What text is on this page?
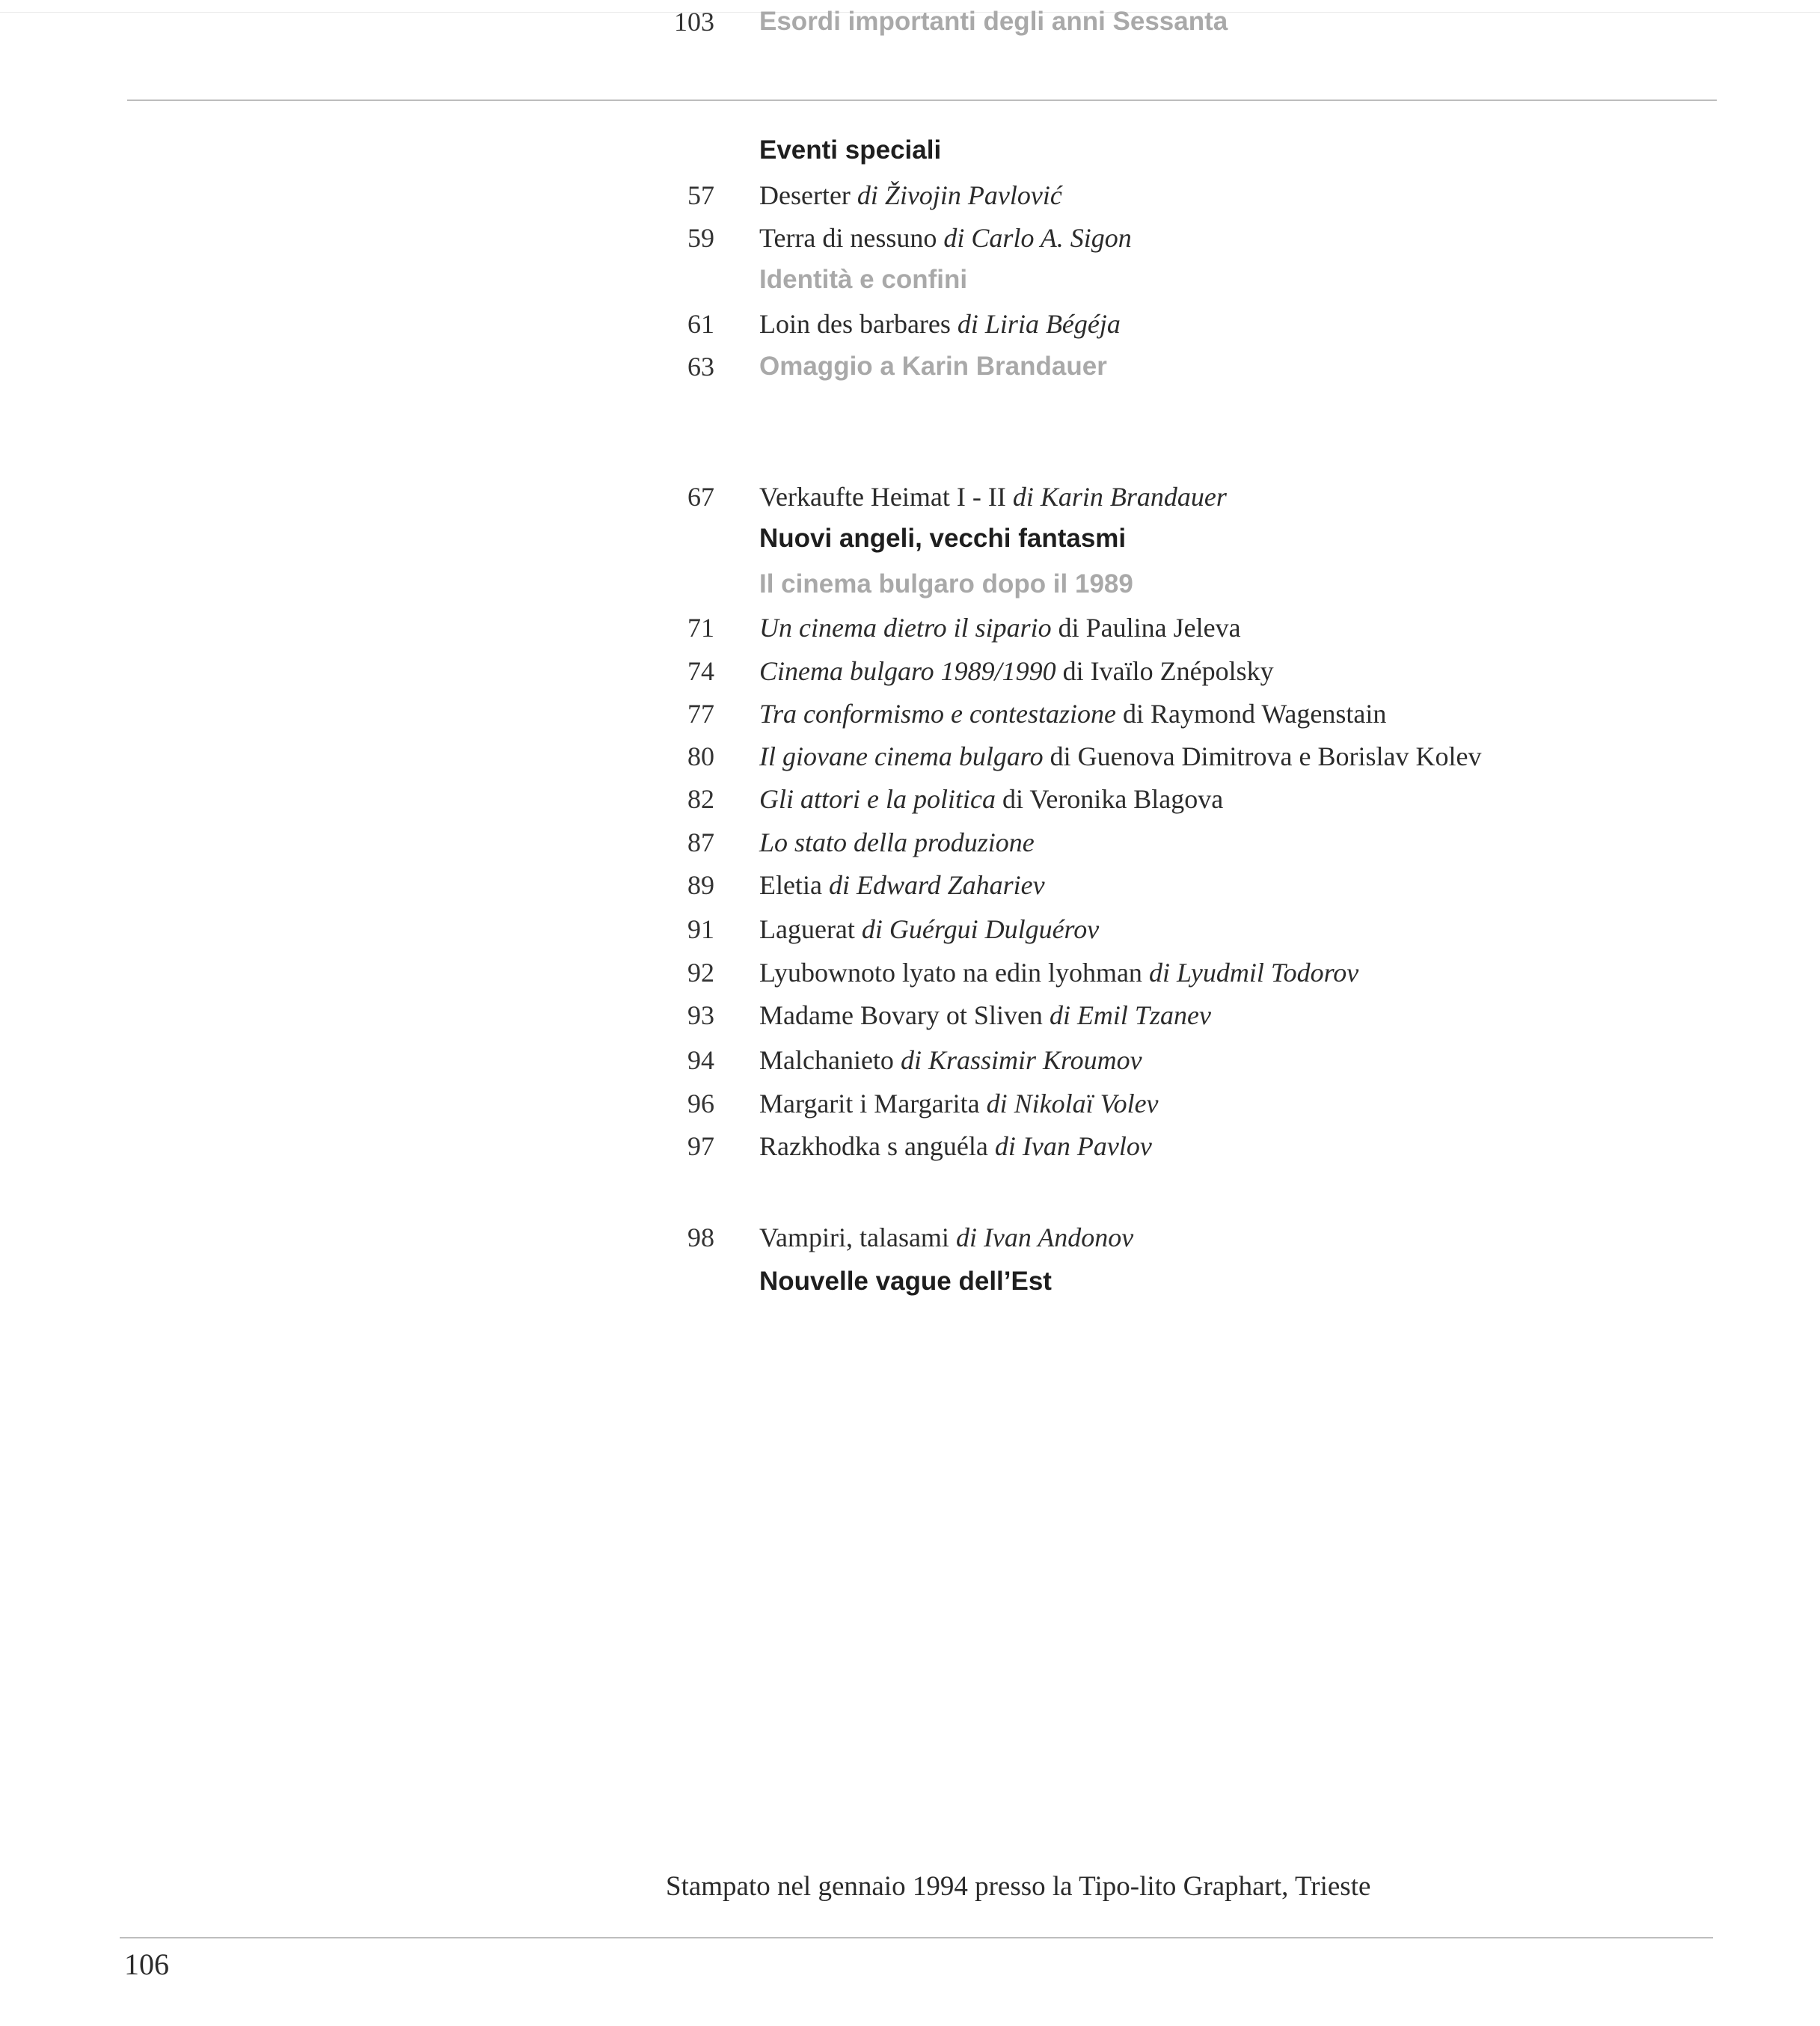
Eventi speciali
57 Deserter di Živojin Pavlović
59 Terra di nessuno di Carlo A. Sigon
Identità e confini
61 Loin des barbares di Liria Bégéja
63 Omaggio a Karin Brandauer
67 Verkaufte Heimat I - II di Karin Brandauer
Nuovi angeli, vecchi fantasmi
Il cinema bulgaro dopo il 1989
71 Un cinema dietro il sipario di Paulina Jeleva
74 Cinema bulgaro 1989/1990 di Ivaïlo Znépolsky
77 Tra conformismo e contestazione di Raymond Wagenstain
80 Il giovane cinema bulgaro di Guenova Dimitrova e Borislav Kolev
82 Gli attori e la politica di Veronika Blagova
87 Lo stato della produzione
89 Eletia di Edward Zahariev
91 Laguerat di Guérgui Dulguérov
92 Lyubownoto lyato na edin lyohman di Lyudmil Todorov
93 Madame Bovary ot Sliven di Emil Tzanev
94 Malchanieto di Krassimir Kroumov
96 Margarit i Margarita di Nikolaï Volev
97 Razkhodka s anguéla di Ivan Pavlov
98 Vampiri, talasami di Ivan Andonov
Nouvelle vague dell’Est
103 Esordi importanti degli anni Sessanta
Stampato nel gennaio 1994 presso la Tipo-lito Graphart, Trieste
106
